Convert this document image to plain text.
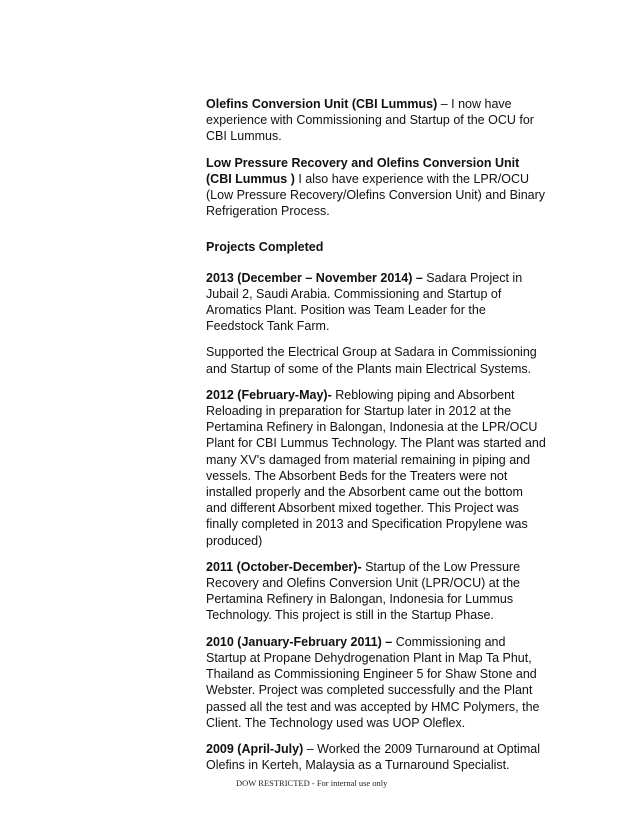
Olefins Conversion Unit (CBI Lummus) – I now have experience with Commissioning and Startup of the OCU for CBI Lummus.

Low Pressure Recovery and Olefins Conversion Unit (CBI Lummus ) I also have experience with the LPR/OCU (Low Pressure Recovery/Olefins Conversion Unit) and Binary Refrigeration Process.

Projects Completed

2013 (December – November 2014) – Sadara Project in Jubail 2, Saudi Arabia. Commissioning and Startup of Aromatics Plant. Position was Team Leader for the Feedstock Tank Farm.

Supported the Electrical Group at Sadara in Commissioning and Startup of some of the Plants main Electrical Systems.

2012 (February-May)- Reblowing piping and Absorbent Reloading in preparation for Startup later in 2012 at the Pertamina Refinery in Balongan, Indonesia at the LPR/OCU Plant for CBI Lummus Technology. The Plant was started and many XV's damaged from material remaining in piping and vessels. The Absorbent Beds for the Treaters were not installed properly and the Absorbent came out the bottom and different Absorbent mixed together. This Project was finally completed in 2013 and Specification Propylene was produced)

2011 (October-December)- Startup of the Low Pressure Recovery and Olefins Conversion Unit (LPR/OCU) at the Pertamina Refinery in Balongan, Indonesia for Lummus Technology. This project is still in the Startup Phase.

2010 (January-February 2011) – Commissioning and Startup at Propane Dehydrogenation Plant in Map Ta Phut, Thailand as Commissioning Engineer 5 for Shaw Stone and Webster. Project was completed successfully and the Plant passed all the test and was accepted by HMC Polymers, the Client. The Technology used was UOP Oleflex.

2009 (April-July) – Worked the 2009 Turnaround at Optimal Olefins in Kerteh, Malaysia as a Turnaround Specialist.

DOW RESTRICTED - For internal use only
